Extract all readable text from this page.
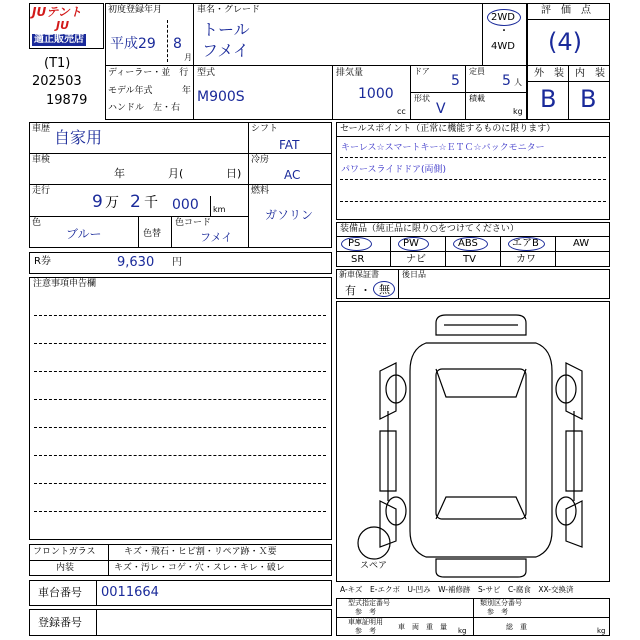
JUテント
JU
適正販売店
(T1)
202503
19879
初度登録年月
平成 29 8
月
車名・グレード
トール
フメイ
2WD
・
4WD
ディーラー・並　行
モデル年式	年
ハンドル　左・右
型式
M900S
排気量
1000
cc
ドア
5
定員
5 人
形状
V
積載
kg
評　価　点
(4)
外　装 内　装
B B
車歴 自家用
車検
年	月(	日)
走行
9 万 2 千 000 km
色
ブルー	色替
色コード
フメイ
シフト
FAT
冷房
AC
燃料
ガソリン
R券	9,630 円
注意事項申告欄
セールスポイント（正常に機能するものに限ります）
キーレス☆スマートキー☆ＥＴＣ☆バックモニター
パワースライドドア(両側)
装備品（純正品に限り○をつけてください）
PS	PW	ABS	エアB	AW
SR	ナビ	TV	カワ
新車保証書
有 ・ 無
後日品
スペア
A-キズ　E-エクボ　U-凹み　W-補修跡　S-サビ　C-腐食　XX-交換済
フロントガラス	キズ・飛石・ヒビ割・リペア跡・Ｘ要
内装	キズ・汚レ・コゲ・穴・スレ・キレ・破レ
車台番号 0011664
登録番号
型式指定番号
参　考
類別区分番号
参　考
車庫証明用
参　考	車　両　重　量 kg	総　重	kg
